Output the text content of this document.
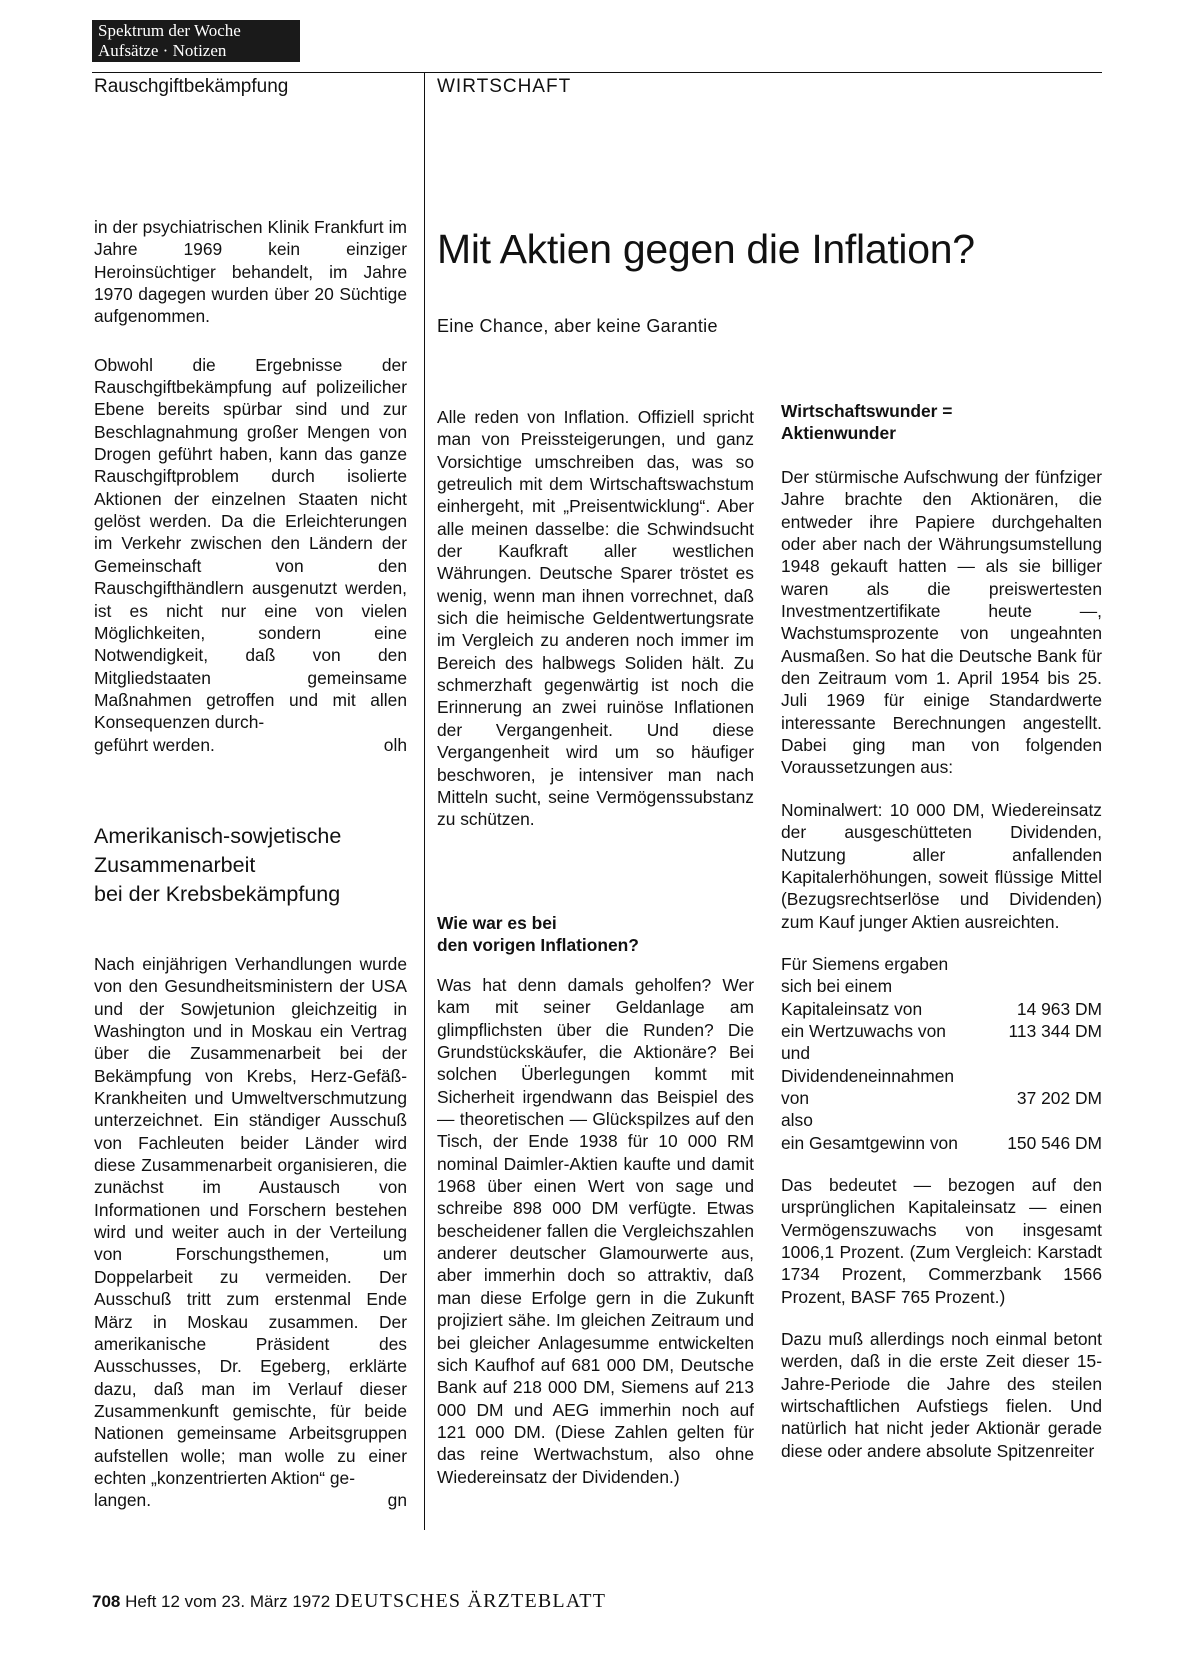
Spektrum der Woche
Aufsätze · Notizen
Rauschgiftbekämpfung	WIRTSCHAFT

in der psychiatrischen Klinik Frankfurt im Jahre 1969 kein einziger Heroinsüchtiger behandelt, im Jahre 1970 dagegen wurden über 20 Süchtige aufgenommen.

Obwohl die Ergebnisse der Rauschgiftbekämpfung auf polizeilicher Ebene bereits spürbar sind und zur Beschlagnahmung großer Mengen von Drogen geführt haben, kann das ganze Rauschgiftproblem durch isolierte Aktionen der einzelnen Staaten nicht gelöst werden. Da die Erleichterungen im Verkehr zwischen den Ländern der Gemeinschaft von den Rauschgifthändlern ausgenutzt werden, ist es nicht nur eine von vielen Möglichkeiten, sondern eine Notwendigkeit, daß von den Mitgliedstaaten gemeinsame Maßnahmen getroffen und mit allen Konsequenzen durch-

geführt werden.	olh
Amerikanisch-sowjetische
Zusammenarbeit
bei der Krebsbekämpfung

Nach einjährigen Verhandlungen wurde von den Gesundheitsministern der USA und der Sowjetunion gleichzeitig in Washington und in Moskau ein Vertrag über die Zusammenarbeit bei der Bekämpfung von Krebs, Herz-Gefäß-Krankheiten und Umweltverschmutzung unterzeichnet. Ein ständiger Ausschuß von Fachleuten beider Länder wird diese Zusammenarbeit organisieren, die zunächst im Austausch von Informationen und Forschern bestehen wird und weiter auch in der Verteilung von Forschungsthemen, um Doppelarbeit zu vermeiden. Der Ausschuß tritt zum erstenmal Ende März in Moskau zusammen. Der amerikanische Präsident des Ausschusses, Dr. Egeberg, erklärte dazu, daß man im Verlauf dieser Zusammenkunft gemischte, für beide Nationen gemeinsame Arbeitsgruppen aufstellen wolle; man wolle zu einer echten „konzentrierten Aktion“ ge-

langen.	gn
Mit Aktien gegen die Inflation?
Eine Chance, aber keine Garantie

Alle reden von Inflation. Offiziell spricht man von Preissteigerungen, und ganz Vorsichtige umschreiben das, was so getreulich mit dem Wirtschaftswachstum einhergeht, mit „Preisentwicklung“. Aber alle meinen dasselbe: die Schwindsucht der Kaufkraft aller westlichen Währungen. Deutsche Sparer tröstet es wenig, wenn man ihnen vorrechnet, daß sich die heimische Geldentwertungsrate im Vergleich zu anderen noch immer im Bereich des halbwegs Soliden hält. Zu schmerzhaft gegenwärtig ist noch die Erinnerung an zwei ruinöse Inflationen der Vergangenheit. Und diese Vergangenheit wird um so häufiger beschworen, je intensiver man nach Mitteln sucht, seine Vermögenssubstanz zu schützen.

Wie war es bei
den vorigen Inflationen?

Was hat denn damals geholfen? Wer kam mit seiner Geldanlage am glimpflichsten über die Runden? Die Grundstückskäufer, die Aktionäre? Bei solchen Überlegungen kommt mit Sicherheit irgendwann das Beispiel des — theoretischen — Glückspilzes auf den Tisch, der Ende 1938 für 10 000 RM nominal Daimler-Aktien kaufte und damit 1968 über einen Wert von sage und schreibe 898 000 DM verfügte. Etwas bescheidener fallen die Vergleichszahlen anderer deutscher Glamourwerte aus, aber immerhin doch so attraktiv, daß man diese Erfolge gern in die Zukunft projiziert sähe. Im gleichen Zeitraum und bei gleicher Anlagesumme entwickelten sich Kaufhof auf 681 000 DM, Deutsche Bank auf 218 000 DM, Siemens auf 213 000 DM und AEG immerhin noch auf 121 000 DM. (Diese Zahlen gelten für das reine Wertwachstum, also ohne Wiedereinsatz der Dividenden.)

Wirtschaftswunder =
Aktienwunder

Der stürmische Aufschwung der fünfziger Jahre brachte den Aktionären, die entweder ihre Papiere durchgehalten oder aber nach der Währungsumstellung 1948 gekauft hatten — als sie billiger waren als die preiswertesten Investmentzertifikate heute —, Wachstumsprozente von ungeahnten Ausmaßen. So hat die Deutsche Bank für den Zeitraum vom 1. April 1954 bis 25. Juli 1969 für einige Standardwerte interessante Berechnungen angestellt. Dabei ging man von folgenden Voraussetzungen aus:

Nominalwert: 10 000 DM, Wiedereinsatz der ausgeschütteten Dividenden, Nutzung aller anfallenden Kapitalerhöhungen, soweit flüssige Mittel (Bezugsrechtserlöse und Dividenden) zum Kauf junger Aktien ausreichten.

Für Siemens ergaben
sich bei einem
Kapitaleinsatz von	14 963 DM
ein Wertzuwachs von	113 344 DM
und
Dividendeneinnahmen
von	37 202 DM
also
ein Gesamtgewinn von	150 546 DM

Das bedeutet — bezogen auf den ursprünglichen Kapitaleinsatz — einen Vermögenszuwachs von insgesamt 1006,1 Prozent. (Zum Vergleich: Karstadt 1734 Prozent, Commerzbank 1566 Prozent, BASF 765 Prozent.)

Dazu muß allerdings noch einmal betont werden, daß in die erste Zeit dieser 15-Jahre-Periode die Jahre des steilen wirtschaftlichen Aufstiegs fielen. Und natürlich hat nicht jeder Aktionär gerade diese oder andere absolute Spitzenreiter

708 Heft 12 vom 23. März 1972 DEUTSCHES ÄRZTEBLATT
